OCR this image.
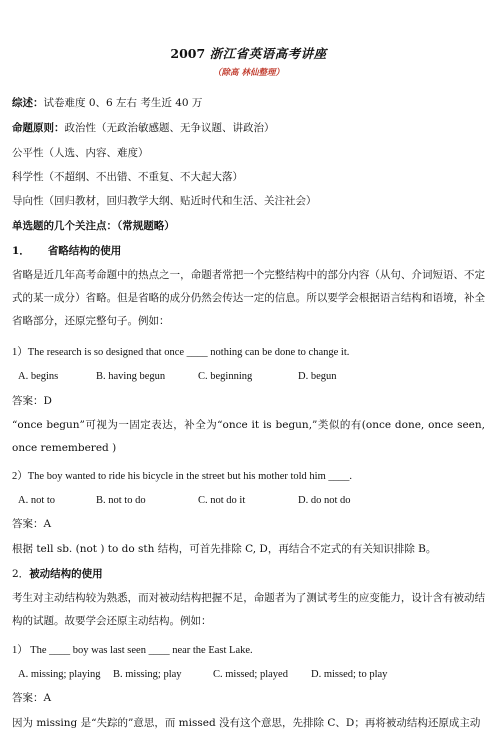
2007 浙江省英语高考讲座
（除高 林仙整理）
综述：试卷难度 0、6 左右 考生近 40 万
命题原则：政治性（无政治敏感题、无争议题、讲政治）
公平性（人选、内容、难度）
科学性（不超纲、不出错、不重复、不大起大落）
导向性（回归教材，回归教学大纲、贴近时代和生活、关注社会）
单选题的几个关注点：（常规题略）
1． 省略结构的使用
省略是近几年高考命题中的热点之一，命题者常把一个完整结构中的部分内容（从句、介词短语、不定式的某一成分）省略。但是省略的成分仍然会传达一定的信息。所以要学会根据语言结构和语境，补全省略部分，还原完整句子。例如：
1）The research is so designed that once ____ nothing can be done to change it.
A. begins	B. having begun	C. beginning	D. begun
答案：D
“once begun”可视为一固定表达，补全为“once it is begun,”类似的有(once done, once seen, once remembered )
2）The boy wanted to ride his bicycle in the street but his mother told him ____.
A. not to	B. not to do	C. not do it	D. do not do
答案：A
根据 tell sb. (not ) to do sth 结构，可首先排除 C, D，再结合不定式的有关知识排除 B。
2．被动结构的使用
考生对主动结构较为熟悉，而对被动结构把握不足，命题者为了测试考生的应变能力，设计含有被动结构的试题。故要学会还原主动结构。例如：
1） The ____ boy was last seen ____ near the East Lake.
A. missing; playing B. missing; play	C. missed; played D. missed; to play
答案：A
因为 missing 是“失踪的”意思，而 missed 没有这个意思，先排除 C、D；再将被动结构还原成主动
